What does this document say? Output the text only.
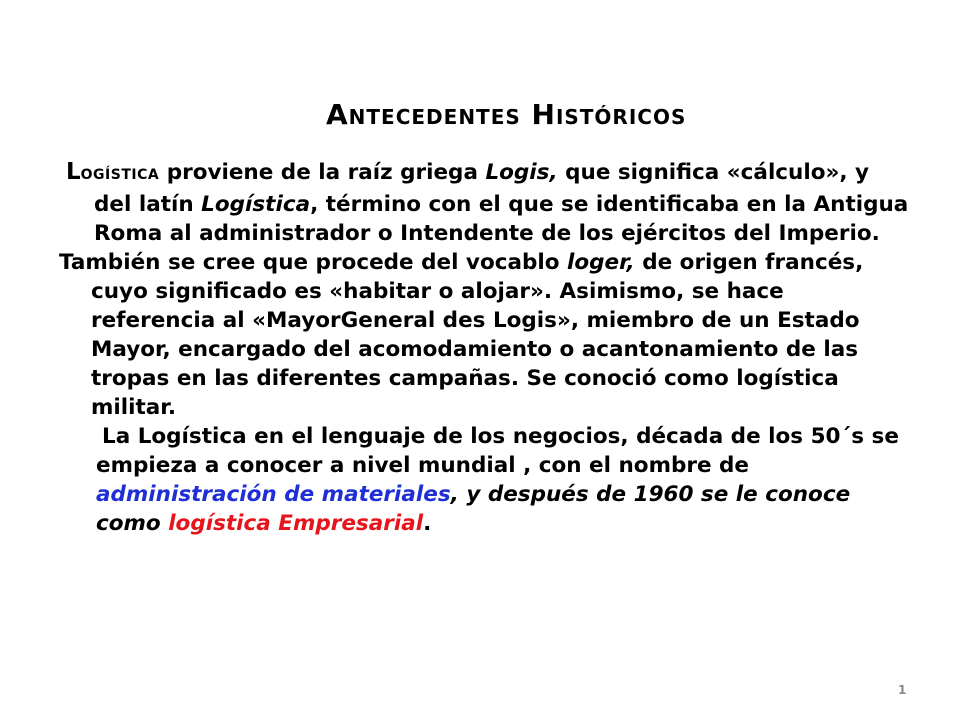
Antecedentes Históricos

LOGÍSTICA proviene de la raíz griega Logis, que significa «cálculo», y del latín Logística, término con el que se identificaba en la Antigua Roma al administrador o Intendente de los ejércitos del Imperio.

También se cree que procede del vocablo loger, de origen francés, cuyo significado es «habitar o alojar». Asimismo, se hace referencia al «MayorGeneral des Logis», miembro de un Estado Mayor, encargado del acomodamiento o acantonamiento de las tropas en las diferentes campañas. Se conoció como logística militar.

La Logística en el lenguaje de los negocios, década de los 50´s se empieza a conocer a nivel mundial , con el nombre de administración de materiales, y después de 1960 se le conoce como logística Empresarial.

1
